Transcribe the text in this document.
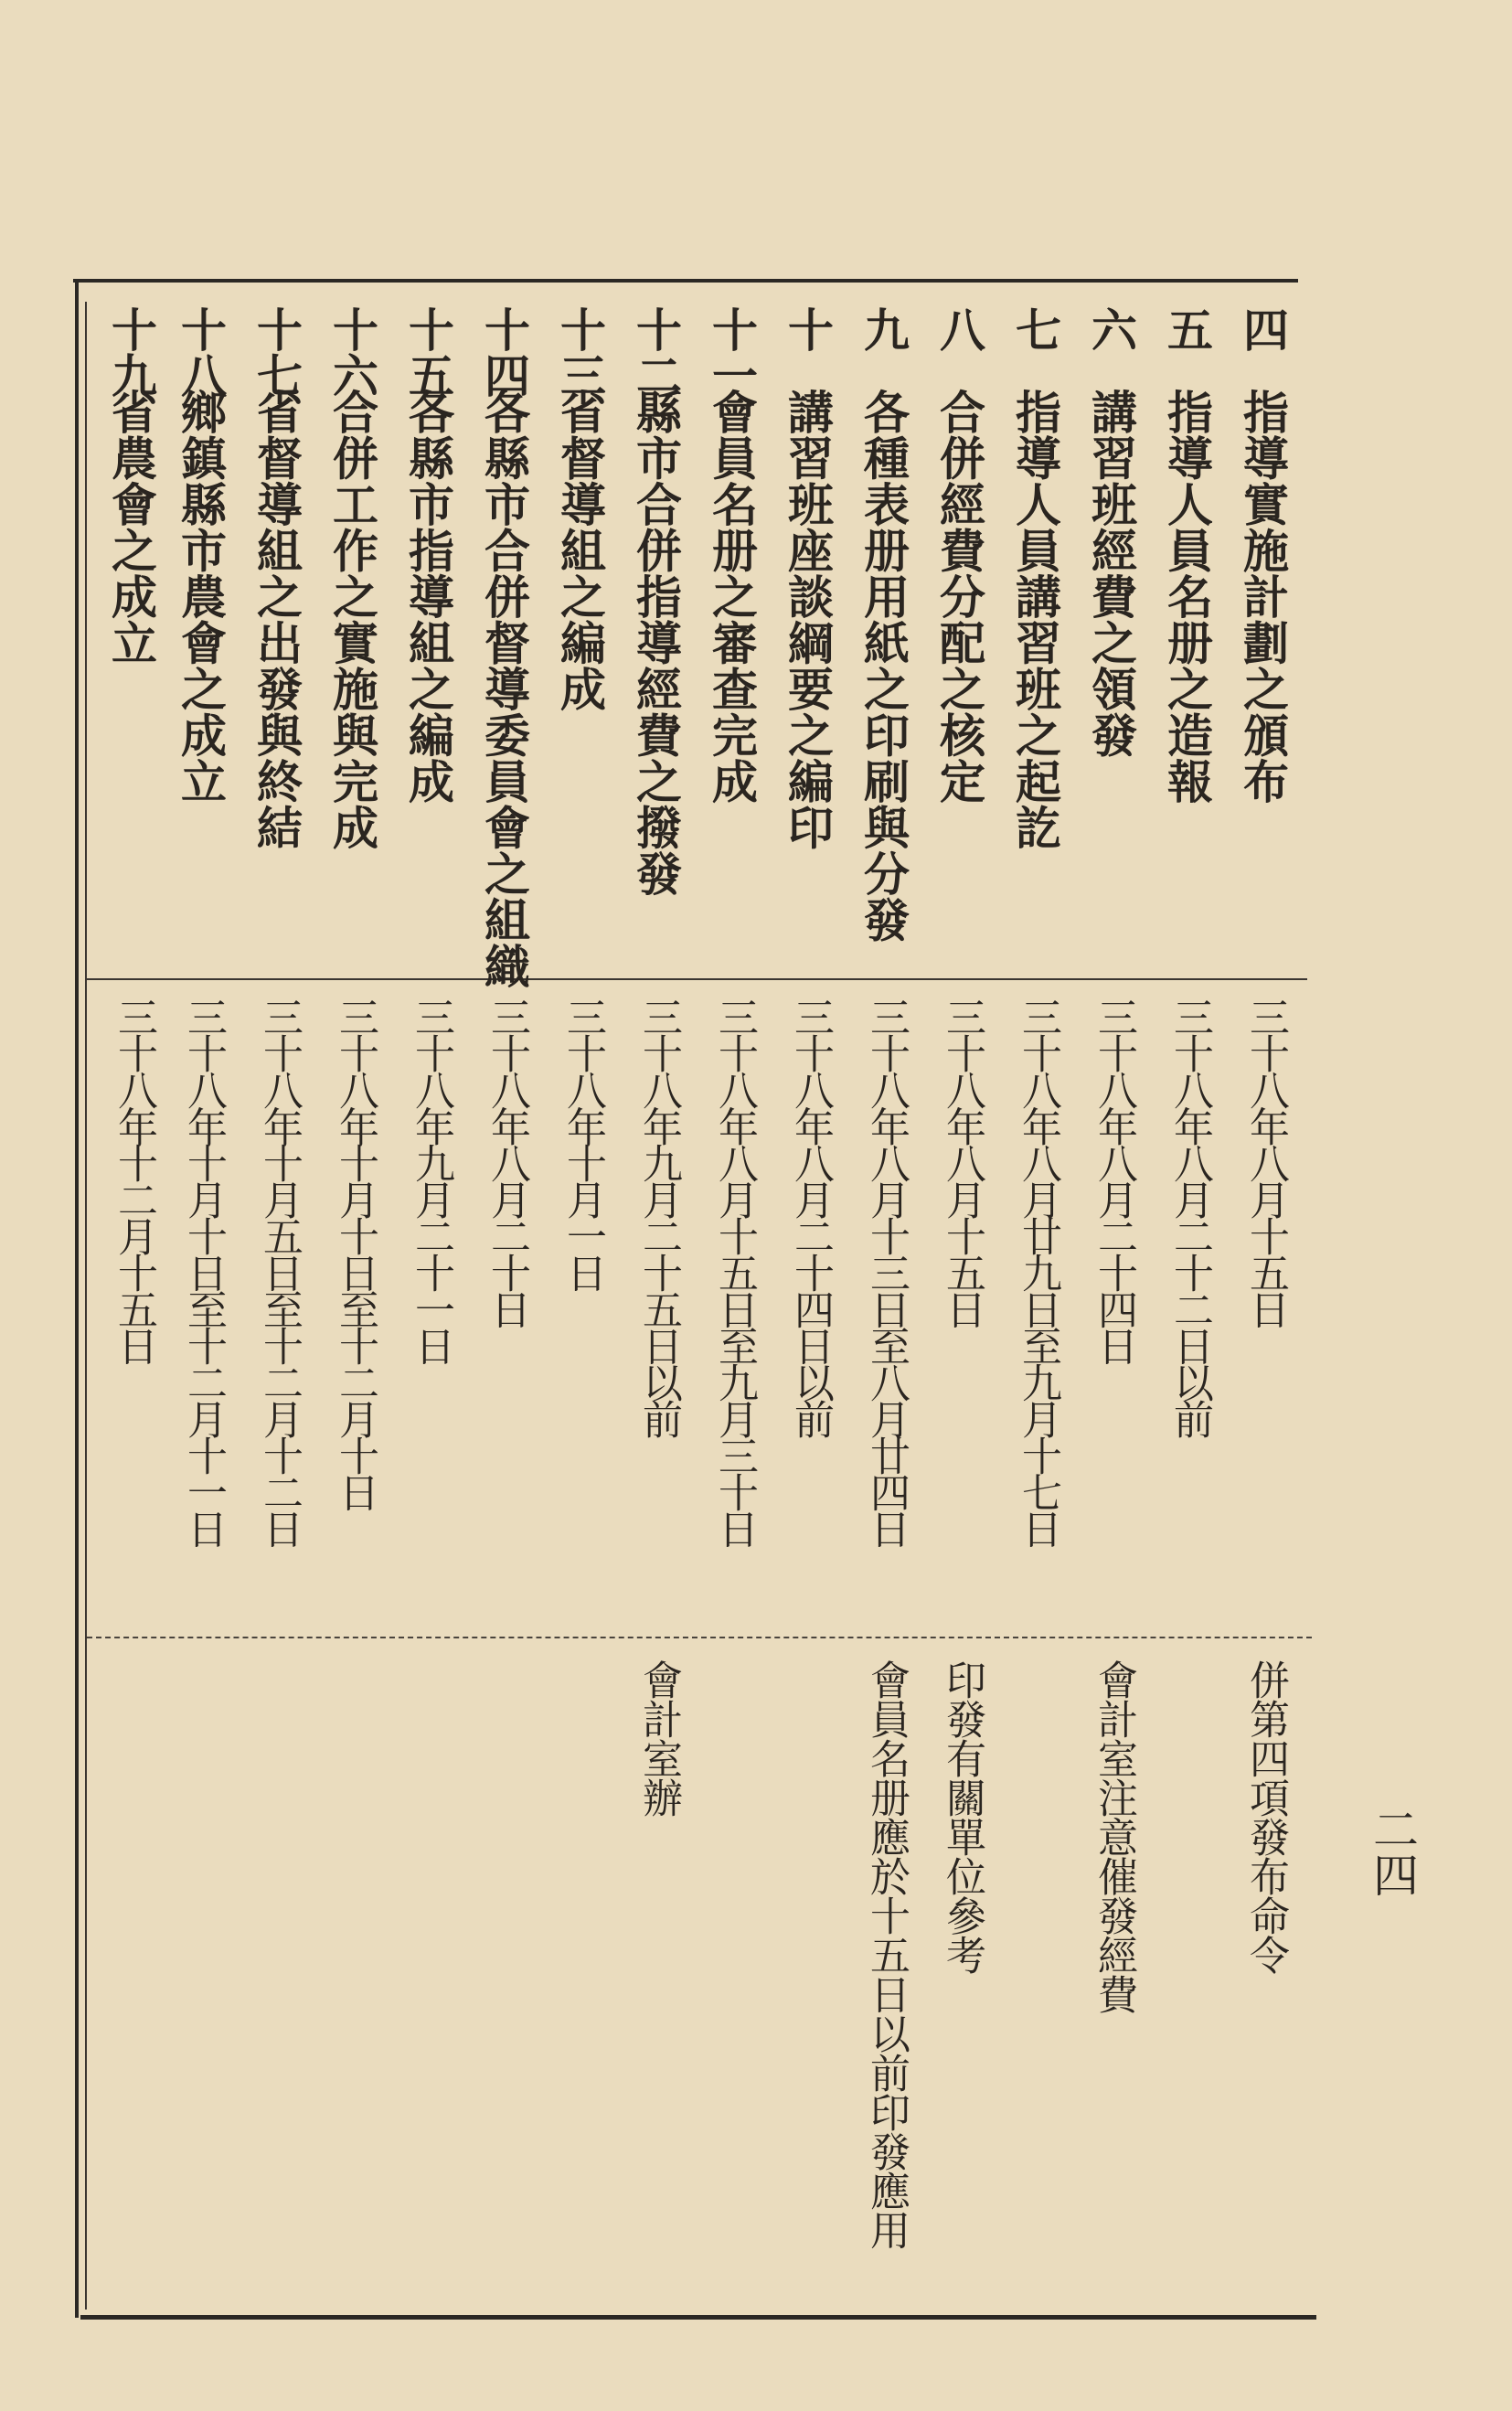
四
指導實施計劃之頒布
三十八年八月十五日
併第四項發布命令
五
指導人員名册之造報
三十八年八月二十二日以前
六
講習班經費之領發
三十八年八月二十四日
會計室注意催發經費
七
指導人員講習班之起訖
三十八年八月廿九日至九月十七日
八
合併經費分配之核定
三十八年八月十五日
印發有關單位參考
九
各種表册用紙之印刷與分發
三十八年八月十三日至八月廿四日
會員名册應於十五日以前印發應用
十
講習班座談綱要之編印
三十八年八月二十四日以前
十一
會員名册之審查完成
三十八年八月十五日至九月三十日
十二
縣市合併指導經費之撥發
三十八年九月二十五日以前
會計室辦
十三
省督導組之編成
三十八年十月一日
十四
各縣市合併督導委員會之組織
三十八年八月二十日
十五
各縣市指導組之編成
三十八年九月二十一日
十六
合併工作之實施與完成
三十八年十月十日至十二月十日
十七
省督導組之出發與終結
三十八年十月五日至十二月十二日
十八
鄉鎮縣市農會之成立
三十八年十月十日至十二月十一日
十九
省農會之成立
三十八年十二月十五日
二四
